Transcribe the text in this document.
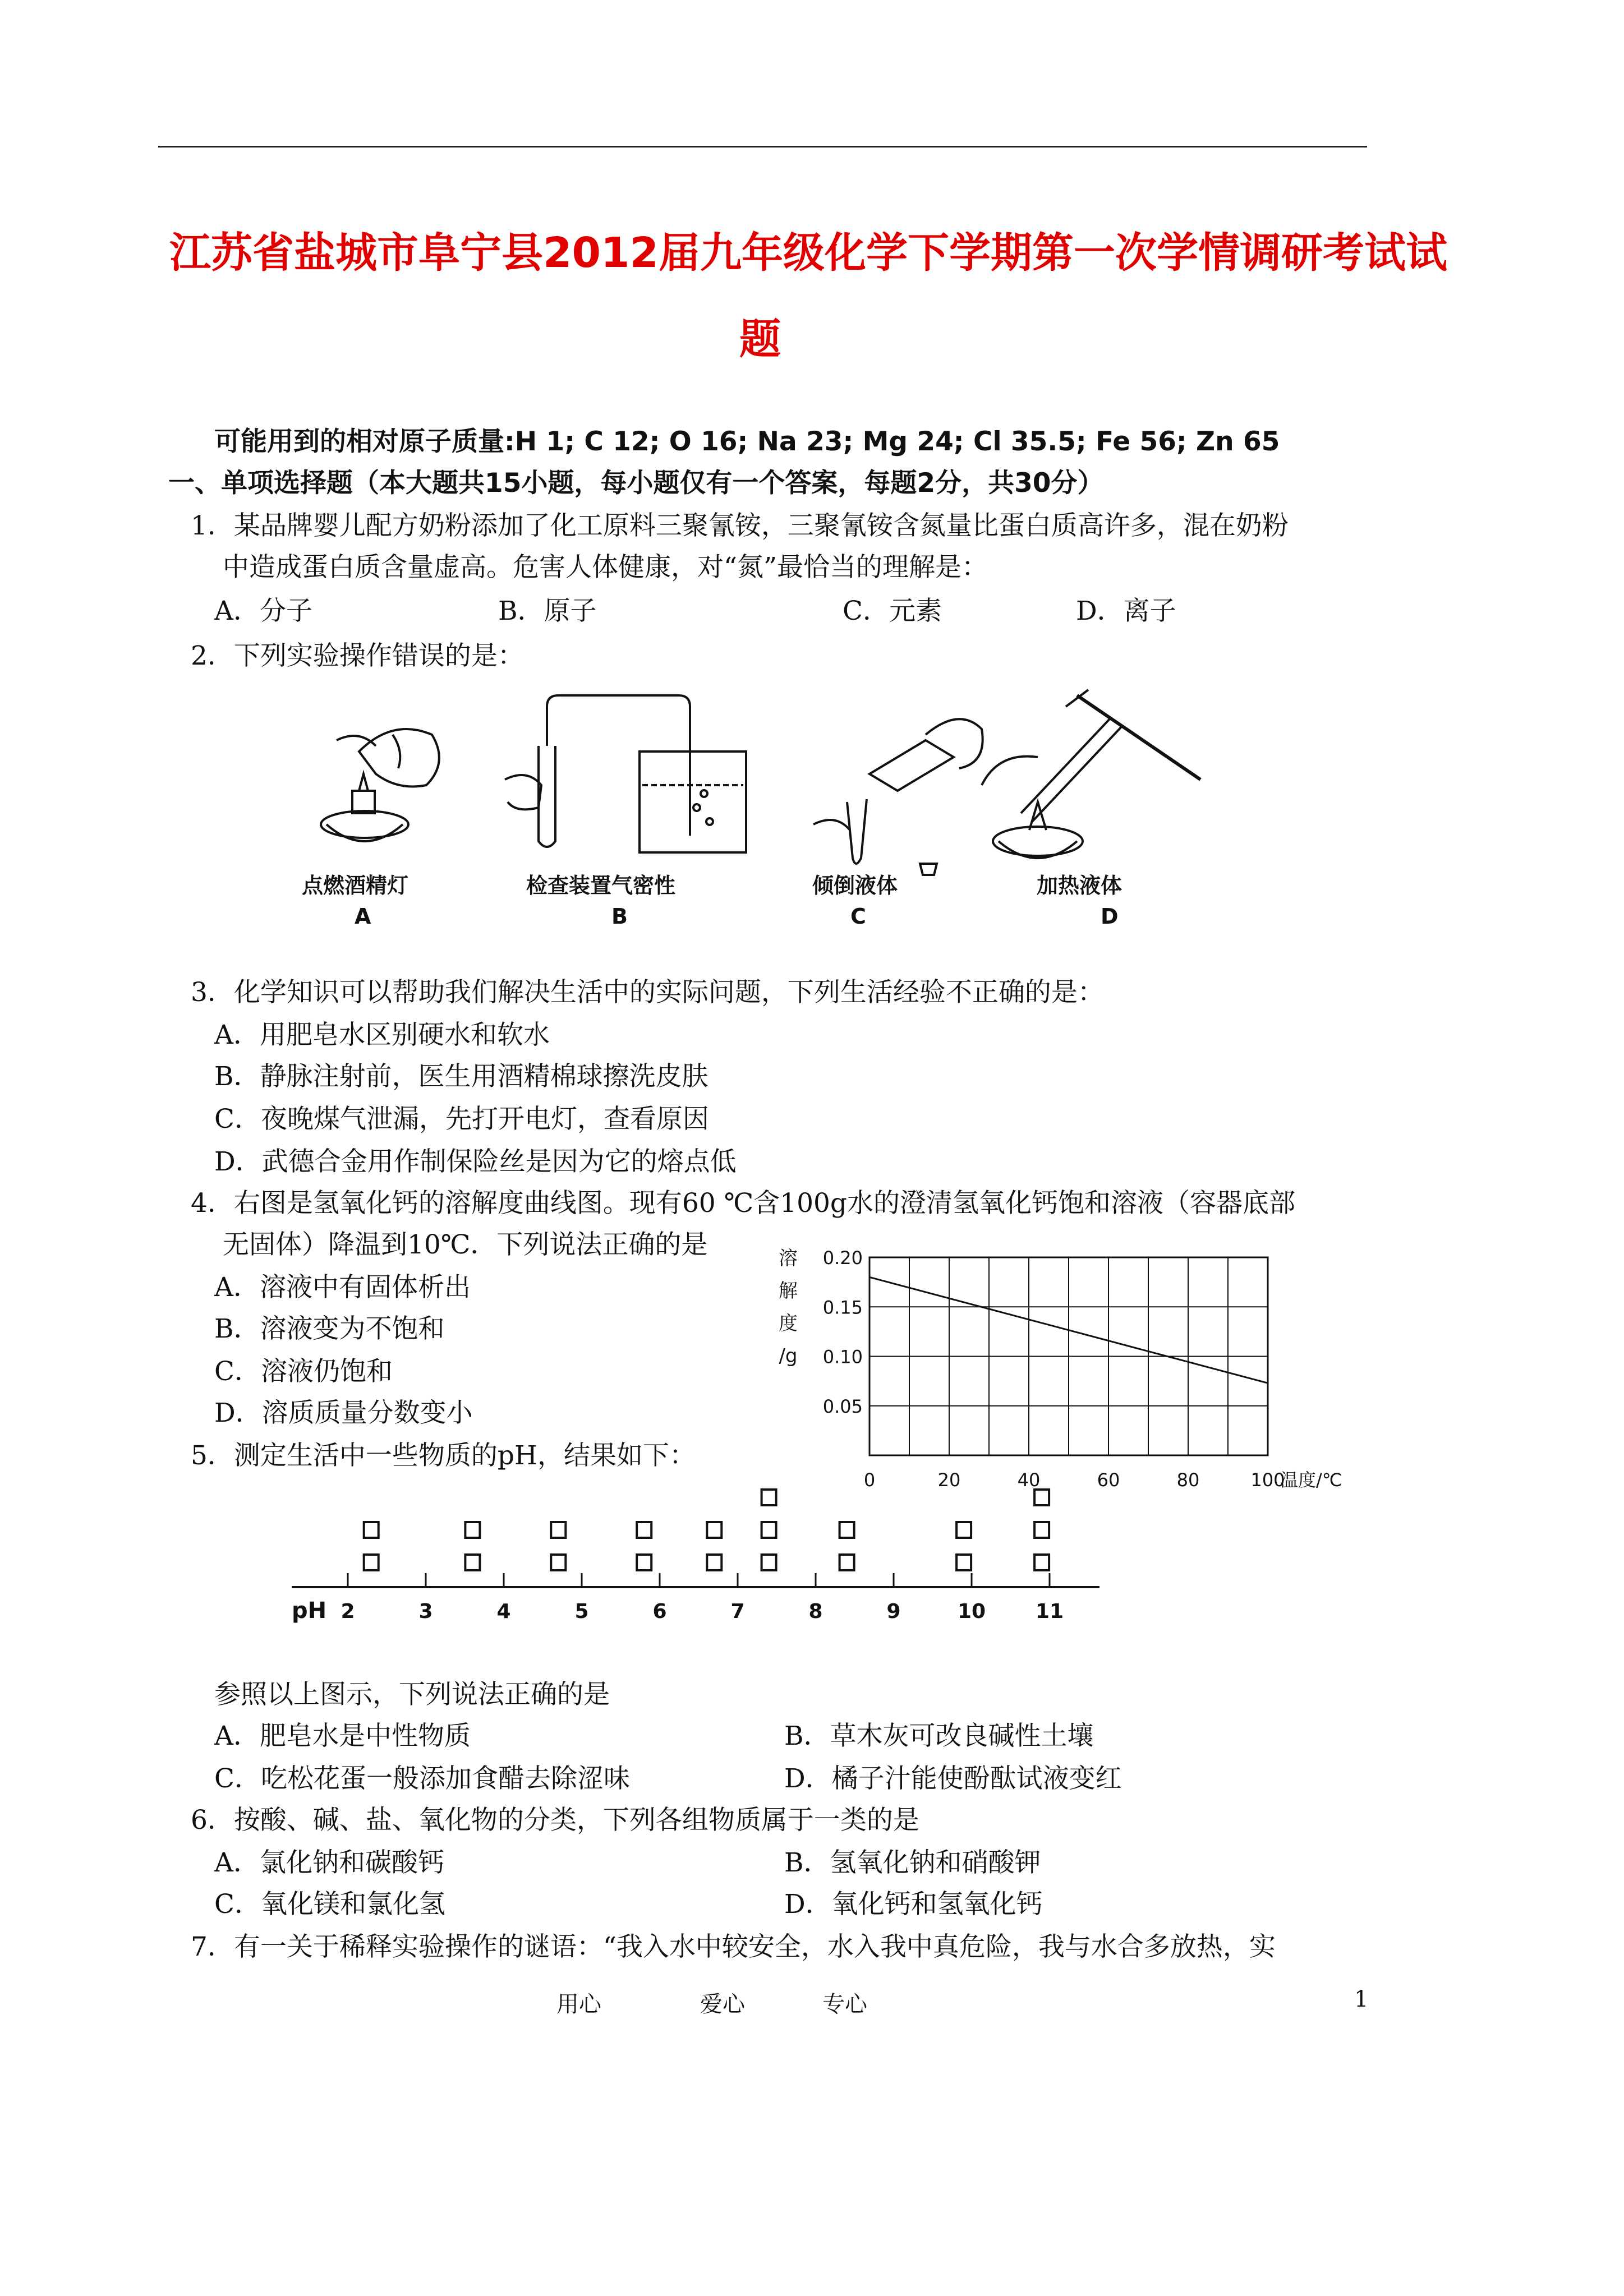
江苏省盐城市阜宁县2012届九年级化学下学期第一次学情调研考试试
题
可能用到的相对原子质量:H 1; C 12; O 16; Na 23; Mg 24; Cl 35.5; Fe 56; Zn 65
一、单项选择题（本大题共15小题，每小题仅有一个答案，每题2分，共30分）
1．某品牌婴儿配方奶粉添加了化工原料三聚氰铵，三聚氰铵含氮量比蛋白质高许多，混在奶粉
中造成蛋白质含量虚高。危害人体健康，对“氮”最恰当的理解是：
A．分子	B．原子	C．元素	D．离子
2．下列实验操作错误的是：
点燃酒精灯
A
检查装置气密性
B
倾倒液体
C
加热液体
D
3．化学知识可以帮助我们解决生活中的实际问题，下列生活经验不正确的是：
A．用肥皂水区别硬水和软水
B．静脉注射前，医生用酒精棉球擦洗皮肤
C．夜晚煤气泄漏，先打开电灯，查看原因
D．武德合金用作制保险丝是因为它的熔点低
4．右图是氢氧化钙的溶解度曲线图。现有60 ℃含100g水的澄清氢氧化钙饱和溶液（容器底部
无固体）降温到10℃．下列说法正确的是
A．溶液中有固体析出
B．溶液变为不饱和
C．溶液仍饱和
D．溶质质量分数变小	0.05
0.10
0.15
0.20
0	20	40	60	80	100
溶
解
度
/g
温度/℃
5．测定生活中一些物质的pH，结果如下：
pH 2	3	4	5	6	7	8	9	10 11
参照以上图示，下列说法正确的是
A．肥皂水是中性物质	B．草木灰可改良碱性土壤
C．吃松花蛋一般添加食醋去除涩味	D．橘子汁能使酚酞试液变红
6．按酸、碱、盐、氧化物的分类，下列各组物质属于一类的是
A．氯化钠和碳酸钙	B．氢氧化钠和硝酸钾
C．氧化镁和氯化氢	D．氧化钙和氢氧化钙
7．有一关于稀释实验操作的谜语：“我入水中较安全，水入我中真危险，我与水合多放热，实
用心	爱心	专心	1
